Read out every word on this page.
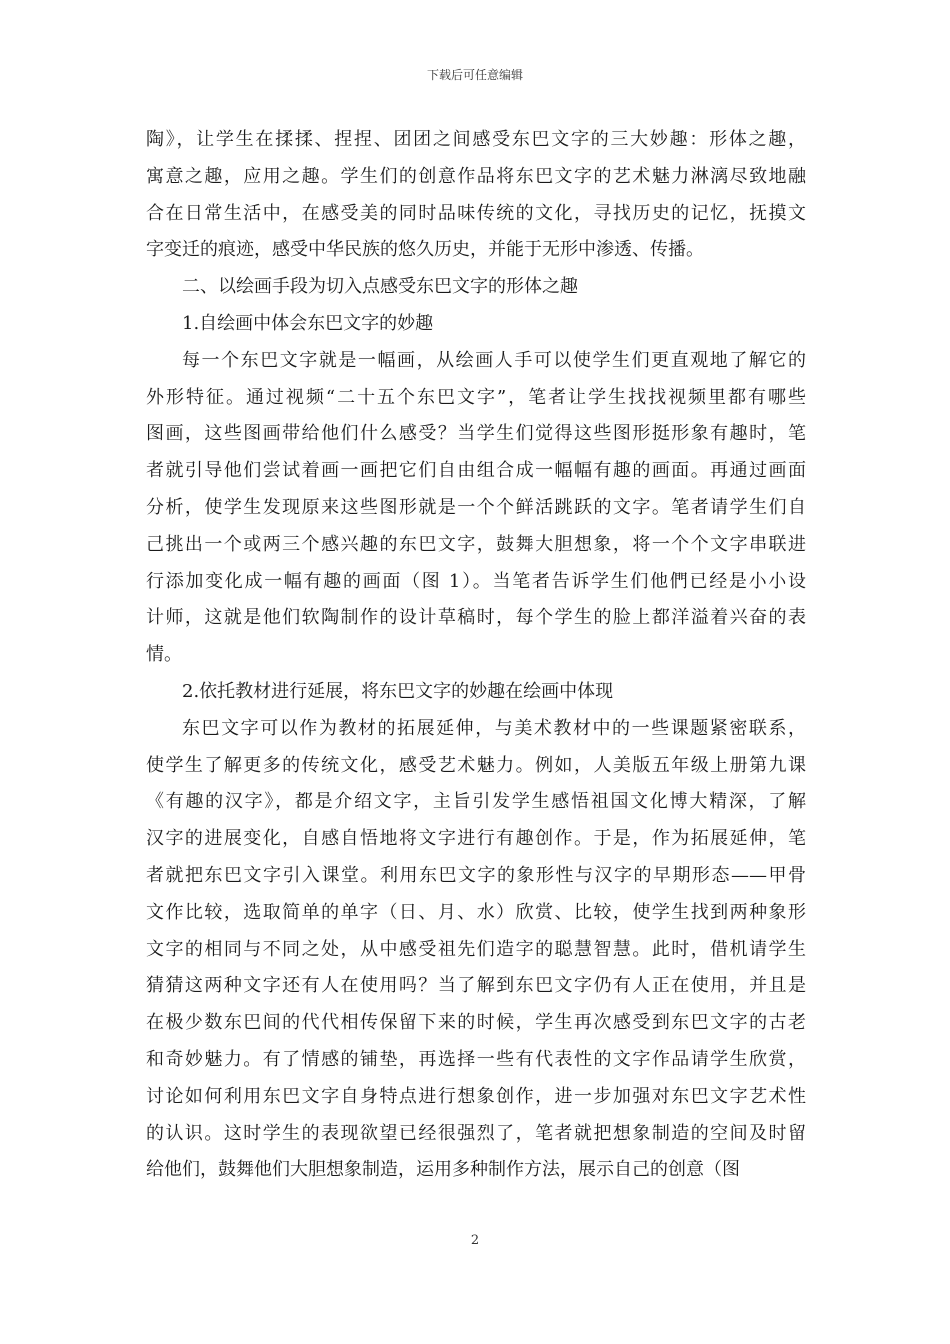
下载后可任意编辑
陶》，让学生在揉揉、捏捏、团团之间感受东巴文字的三大妙趣：形体之趣，
寓意之趣，应用之趣。学生们的创意作品将东巴文字的艺术魅力淋漓尽致地融
合在日常生活中，在感受美的同时品味传统的文化，寻找历史的记忆，抚摸文
字变迁的痕迹，感受中华民族的悠久历史，并能于无形中渗透、传播。
二、以绘画手段为切入点感受东巴文字的形体之趣
1.自绘画中体会东巴文字的妙趣
每一个东巴文字就是一幅画，从绘画人手可以使学生们更直观地了解它的
外形特征。通过视频“二十五个东巴文字”，笔者让学生找找视频里都有哪些
图画，这些图画带给他们什么感受？当学生们觉得这些图形挺形象有趣时，笔
者就引导他们尝试着画一画把它们自由组合成一幅幅有趣的画面。再通过画面
分析，使学生发现原来这些图形就是一个个鲜活跳跃的文字。笔者请学生们自
己挑出一个或两三个感兴趣的东巴文字，鼓舞大胆想象，将一个个文字串联进
行添加变化成一幅有趣的画面（图 1）。当笔者告诉学生们他們已经是小小设
计师，这就是他们软陶制作的设计草稿时，每个学生的脸上都洋溢着兴奋的表
情。
2.依托教材进行延展，将东巴文字的妙趣在绘画中体现
东巴文字可以作为教材的拓展延伸，与美术教材中的一些课题紧密联系，
使学生了解更多的传统文化，感受艺术魅力。例如，人美版五年级上册第九课
《有趣的汉字》，都是介绍文字，主旨引发学生感悟祖国文化博大精深，了解
汉字的进展变化，自感自悟地将文字进行有趣创作。于是，作为拓展延伸，笔
者就把东巴文字引入课堂。利用东巴文字的象形性与汉字的早期形态——甲骨
文作比较，选取简单的单字（日、月、水）欣赏、比较，使学生找到两种象形
文字的相同与不同之处，从中感受祖先们造字的聪慧智慧。此时，借机请学生
猜猜这两种文字还有人在使用吗？当了解到东巴文字仍有人正在使用，并且是
在极少数东巴间的代代相传保留下来的时候，学生再次感受到东巴文字的古老
和奇妙魅力。有了情感的铺垫，再选择一些有代表性的文字作品请学生欣赏，
讨论如何利用东巴文字自身特点进行想象创作，进一步加强对东巴文字艺术性
的认识。这时学生的表现欲望已经很强烈了，笔者就把想象制造的空间及时留
给他们，鼓舞他们大胆想象制造，运用多种制作方法，展示自己的创意（图
2
